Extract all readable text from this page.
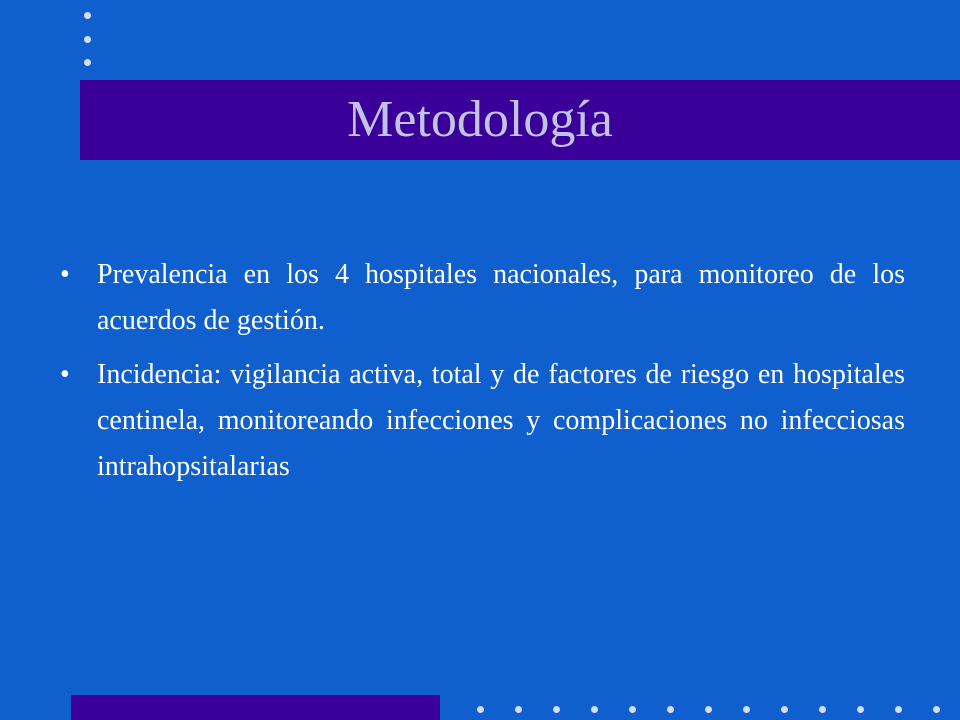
Metodología
• Prevalencia en los 4 hospitales nacionales, para monitoreo de los acuerdos de gestión.
• Incidencia: vigilancia activa, total y de factores de riesgo en hospitales centinela, monitoreando infecciones y complicaciones no infecciosas intrahopsitalarias
